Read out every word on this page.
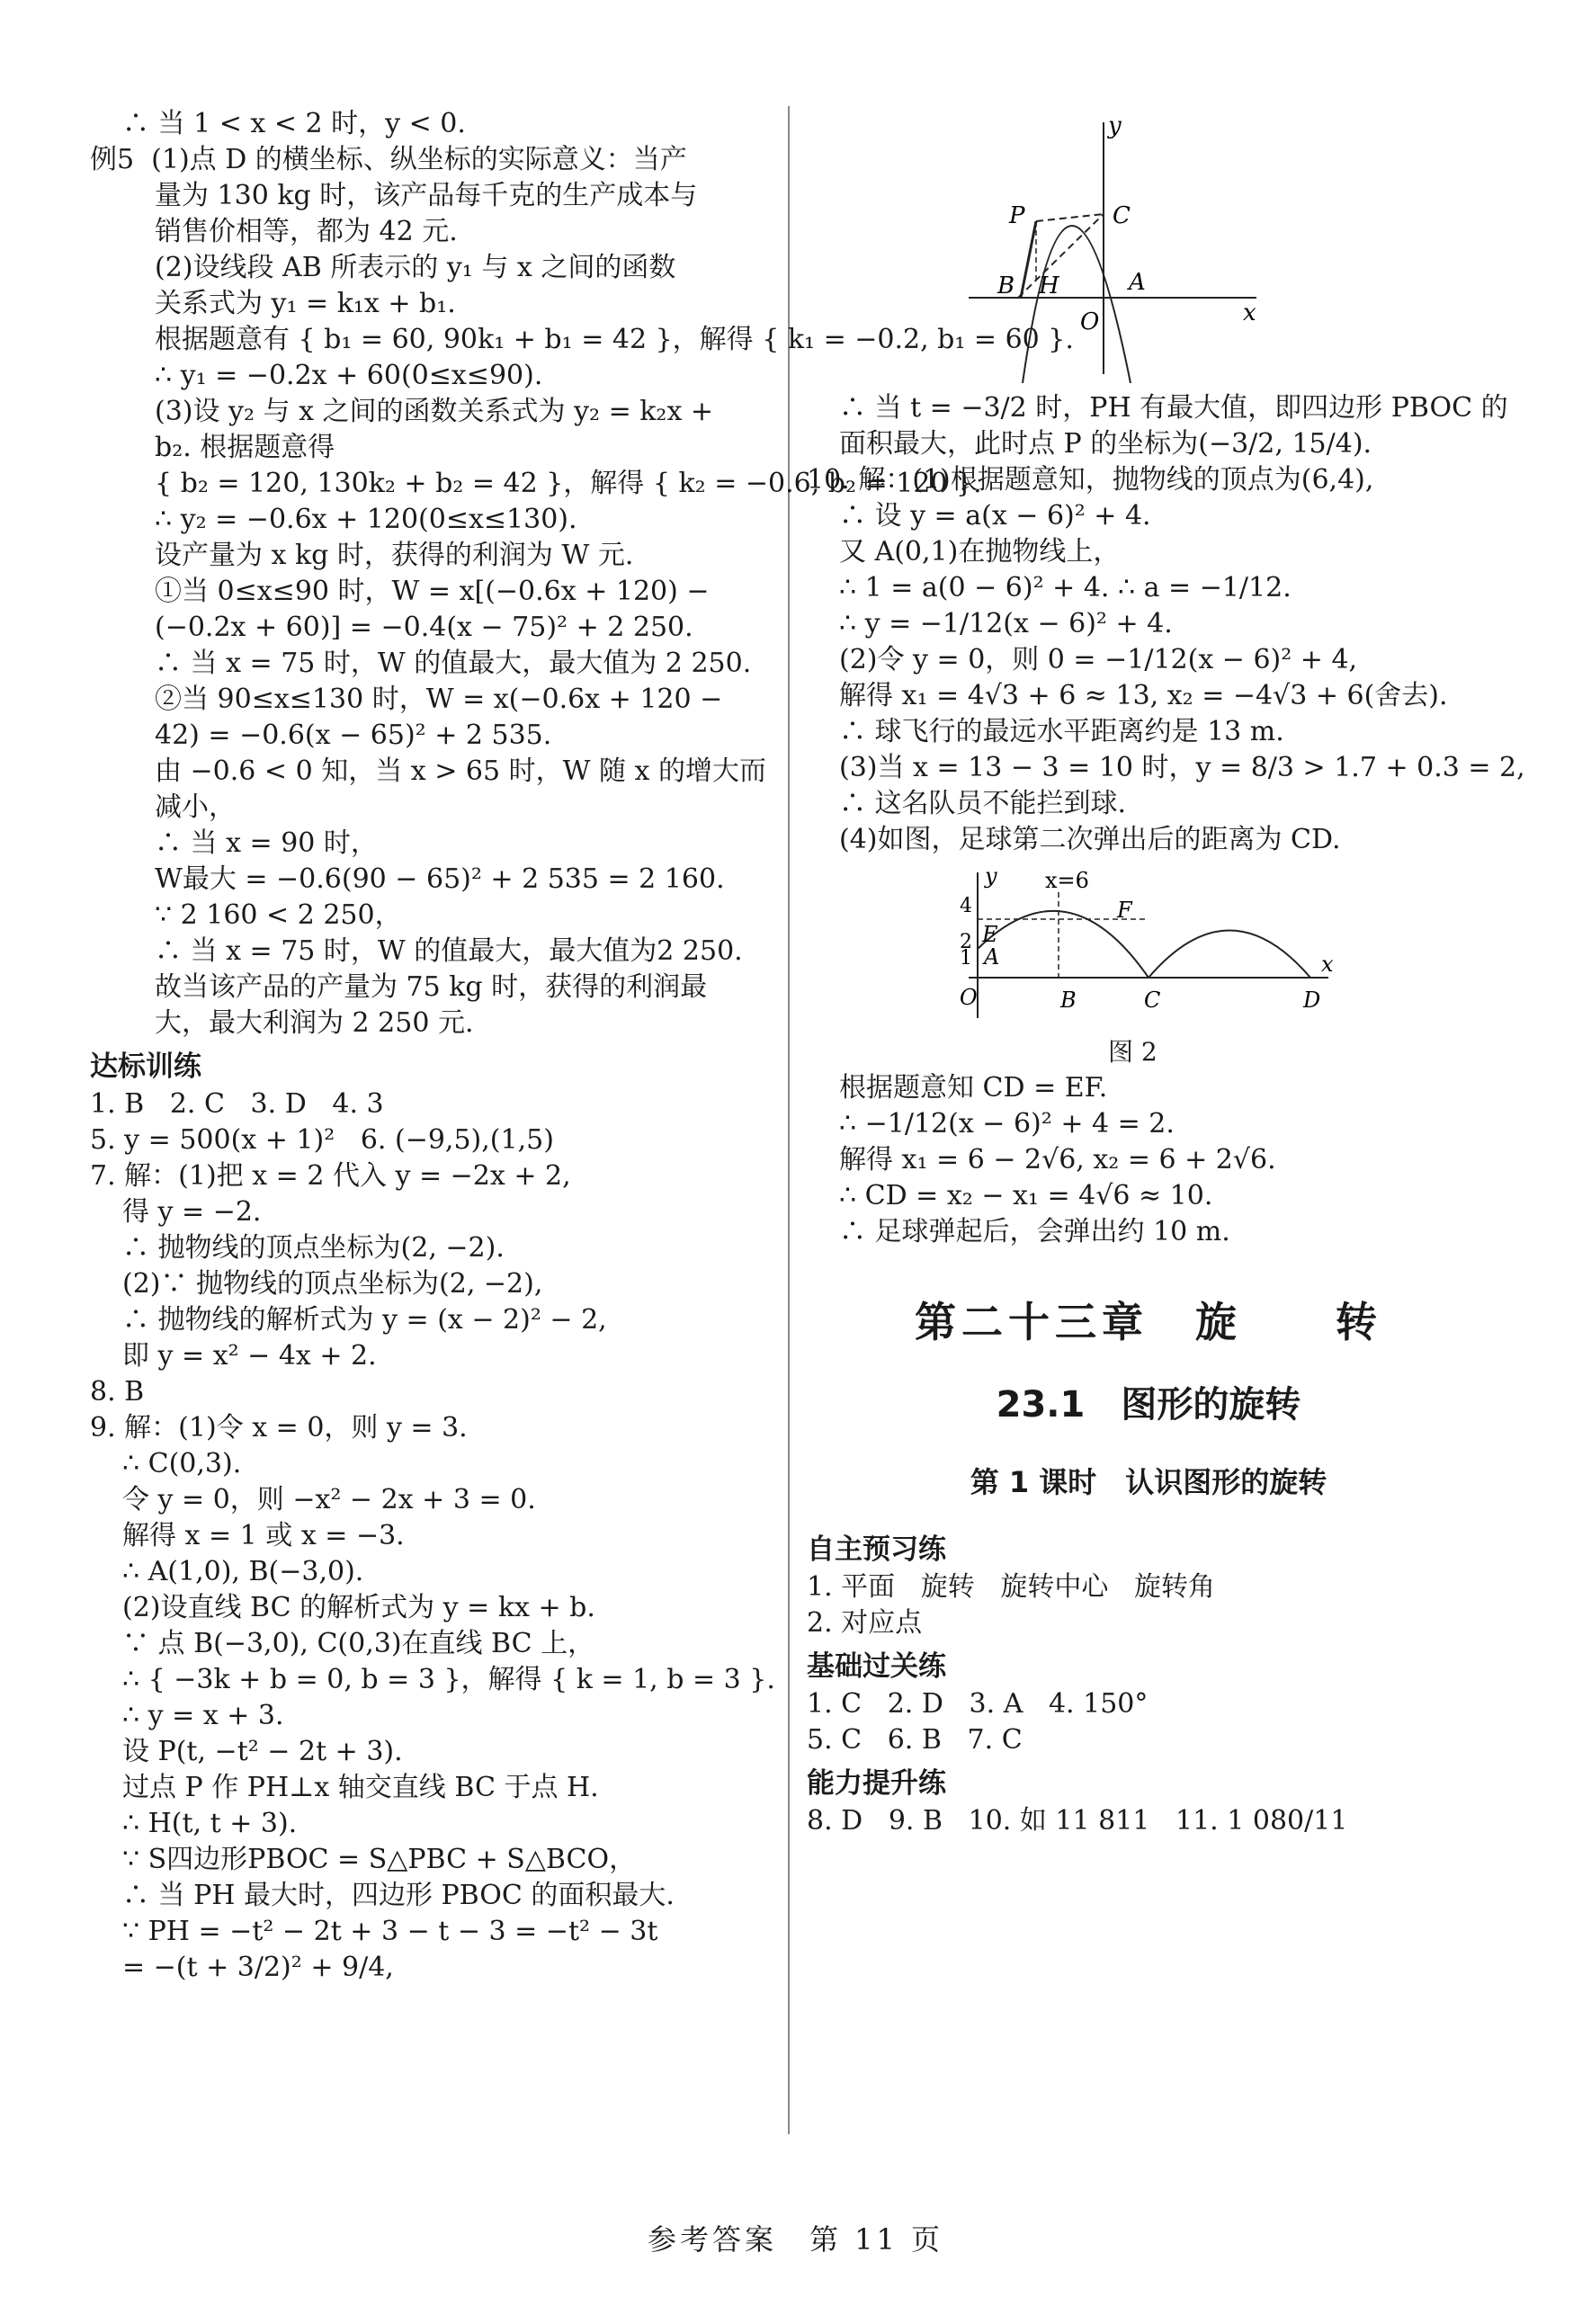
∴ 当 1 < x < 2 时，y < 0.
例5  (1)点 D 的横坐标、纵坐标的实际意义：当产
量为 130 kg 时，该产品每千克的生产成本与
销售价相等，都为 42 元.
(2)设线段 AB 所表示的 y₁ 与 x 之间的函数
关系式为 y₁ = k₁x + b₁.
根据题意有 { b₁ = 60, 90k₁ + b₁ = 42 }，解得 { k₁ = −0.2, b₁ = 60 }.
∴ y₁ = −0.2x + 60(0≤x≤90).
(3)设 y₂ 与 x 之间的函数关系式为 y₂ = k₂x +
b₂. 根据题意得
{ b₂ = 120, 130k₂ + b₂ = 42 }，解得 { k₂ = −0.6, b₂ = 120 }.
∴ y₂ = −0.6x + 120(0≤x≤130).
设产量为 x kg 时，获得的利润为 W 元.
①当 0≤x≤90 时，W = x[(−0.6x + 120) −
(−0.2x + 60)] = −0.4(x − 75)² + 2 250.
∴ 当 x = 75 时，W 的值最大，最大值为 2 250.
②当 90≤x≤130 时，W = x(−0.6x + 120 −
42) = −0.6(x − 65)² + 2 535.
由 −0.6 < 0 知，当 x > 65 时，W 随 x 的增大而
减小，
∴ 当 x = 90 时，
W最大 = −0.6(90 − 65)² + 2 535 = 2 160.
∵ 2 160 < 2 250，
∴ 当 x = 75 时，W 的值最大，最大值为2 250.
故当该产品的产量为 75 kg 时，获得的利润最
大，最大利润为 2 250 元.
达标训练
1. B   2. C   3. D   4. 3
5. y = 500(x + 1)²   6. (−9,5),(1,5)
7. 解：(1)把 x = 2 代入 y = −2x + 2,
得 y = −2.
∴ 抛物线的顶点坐标为(2, −2).
(2)∵ 抛物线的顶点坐标为(2, −2),
∴ 抛物线的解析式为 y = (x − 2)² − 2,
即 y = x² − 4x + 2.
8. B
9. 解：(1)令 x = 0，则 y = 3.
∴ C(0,3).
令 y = 0，则 −x² − 2x + 3 = 0.
解得 x = 1 或 x = −3.
∴ A(1,0), B(−3,0).
(2)设直线 BC 的解析式为 y = kx + b.
∵ 点 B(−3,0), C(0,3)在直线 BC 上，
∴ { −3k + b = 0, b = 3 }，解得 { k = 1, b = 3 }.
∴ y = x + 3.
设 P(t, −t² − 2t + 3).
过点 P 作 PH⊥x 轴交直线 BC 于点 H.
∴ H(t, t + 3).
∵ S四边形PBOC = S△PBC + S△BCO，
∴ 当 PH 最大时，四边形 PBOC 的面积最大.
∵ PH = −t² − 2t + 3 − t − 3 = −t² − 3t
= −(t + 3/2)² + 9/4,
y
x
P	C
B H	A
O
∴ 当 t = −3/2 时，PH 有最大值，即四边形 PBOC 的
面积最大，此时点 P 的坐标为(−3/2, 15/4).
10. 解：(1)根据题意知，抛物线的顶点为(6,4),
∴ 设 y = a(x − 6)² + 4.
又 A(0,1)在抛物线上，
∴ 1 = a(0 − 6)² + 4. ∴ a = −1/12.
∴ y = −1/12(x − 6)² + 4.
(2)令 y = 0，则 0 = −1/12(x − 6)² + 4,
解得 x₁ = 4√3 + 6 ≈ 13, x₂ = −4√3 + 6(舍去).
∴ 球飞行的最远水平距离约是 13 m.
(3)当 x = 13 − 3 = 10 时，y = 8/3 > 1.7 + 0.3 = 2,
∴ 这名队员不能拦到球.
(4)如图，足球第二次弹出后的距离为 CD.
y
x
x=6
4
2
1
E
A
F
O	B	C	D
图 2
根据题意知 CD = EF.
∴ −1/12(x − 6)² + 4 = 2.
解得 x₁ = 6 − 2√6, x₂ = 6 + 2√6.
∴ CD = x₂ − x₁ = 4√6 ≈ 10.
∴ 足球弹起后，会弹出约 10 m.
第二十三章　旋　　转
23.1　图形的旋转
第 1 课时　认识图形的旋转
自主预习练
1. 平面   旋转   旋转中心   旋转角
2. 对应点
基础过关练
1. C   2. D   3. A   4. 150°
5. C   6. B   7. C
能力提升练
8. D   9. B   10. 如 11 811   11. 1 080/11
参考答案　第 11 页
